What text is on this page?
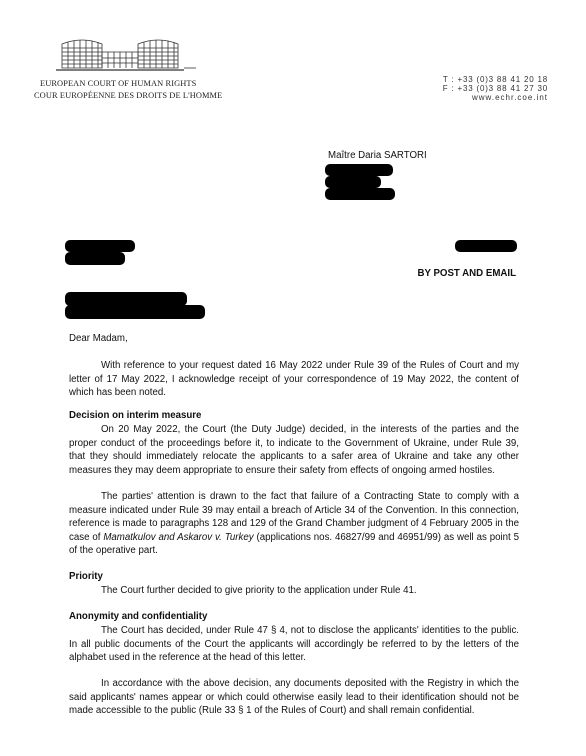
EUROPEAN COURT OF HUMAN RIGHTS
COUR EUROPÉENNE DES DROITS DE L'HOMME
T : +33 (0)3 88 41 20 18
F : +33 (0)3 88 41 27 30
www.echr.coe.int
Maître Daria SARTORI
BY POST AND EMAIL
Dear Madam,
With reference to your request dated 16 May 2022 under Rule 39 of the Rules of Court and my letter of 17 May 2022, I acknowledge receipt of your correspondence of 19 May 2022, the content of which has been noted.
Decision on interim measure
On 20 May 2022, the Court (the Duty Judge) decided, in the interests of the parties and the proper conduct of the proceedings before it, to indicate to the Government of Ukraine, under Rule 39, that they should immediately relocate the applicants to a safer area of Ukraine and take any other measures they may deem appropriate to ensure their safety from effects of ongoing armed hostiles.
The parties' attention is drawn to the fact that failure of a Contracting State to comply with a measure indicated under Rule 39 may entail a breach of Article 34 of the Convention. In this connection, reference is made to paragraphs 128 and 129 of the Grand Chamber judgment of 4 February 2005 in the case of Mamatkulov and Askarov v. Turkey (applications nos. 46827/99 and 46951/99) as well as point 5 of the operative part.
Priority
The Court further decided to give priority to the application under Rule 41.
Anonymity and confidentiality
The Court has decided, under Rule 47 § 4, not to disclose the applicants' identities to the public. In all public documents of the Court the applicants will accordingly be referred to by the letters of the alphabet used in the reference at the head of this letter.
In accordance with the above decision, any documents deposited with the Registry in which the said applicants' names appear or which could otherwise easily lead to their identification should not be made accessible to the public (Rule 33 § 1 of the Rules of Court) and shall remain confidential.
